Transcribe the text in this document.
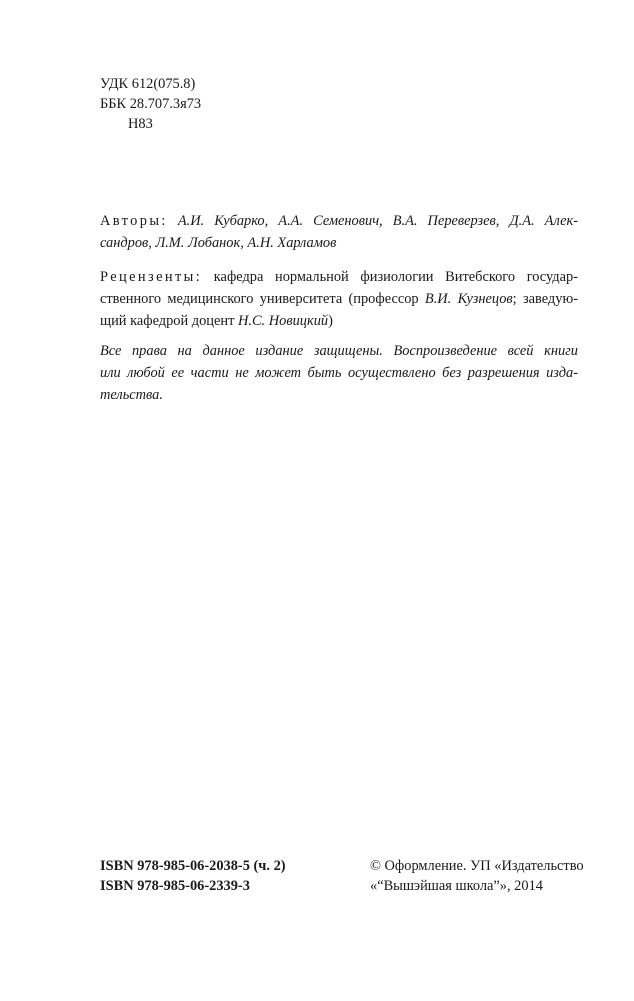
УДК 612(075.8)
ББК 28.707.3я73
Н83
Авторы: А.И. Кубарко, А.А. Семенович, В.А. Переверзев, Д.А. Алек-
сандров, Л.М. Лобанок, А.Н. Харламов
Рецензенты: кафедра нормальной физиологии Витебского государ-
ственного медицинского университета (профессор В.И. Кузнецов; заведую-
щий кафедрой доцент Н.С. Новицкий)
Все права на данное издание защищены. Воспроизведение всей книги
или любой ее части не может быть осуществлено без разрешения изда-
тельства.
ISBN 978-985-06-2038-5 (ч. 2)
ISBN 978-985-06-2339-3
© Оформление. УП «Издательство
«“Вышэйшая школа”», 2014
